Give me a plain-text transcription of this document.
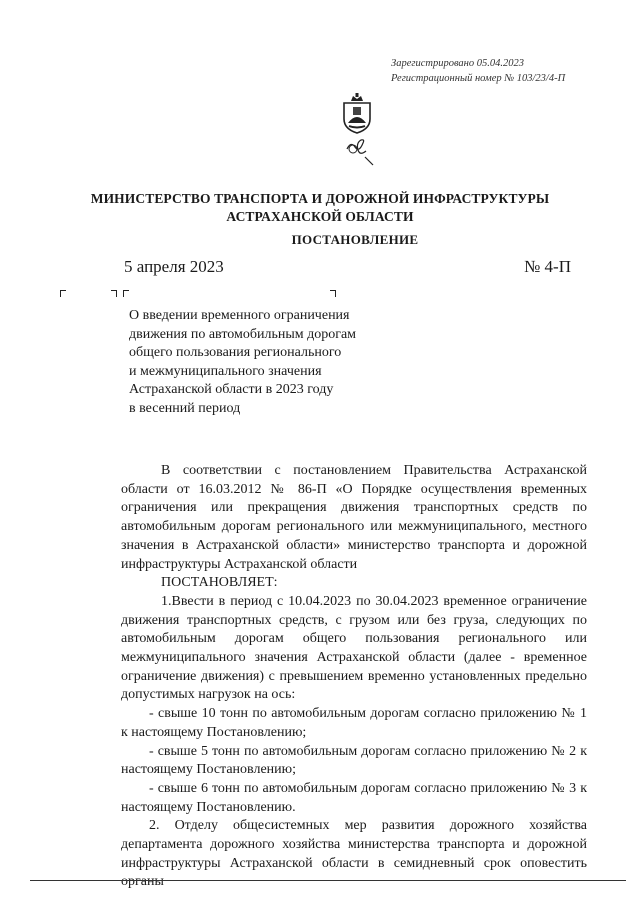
Зарегистрировано 05.04.2023
Регистрационный номер № 103/23/4-П
МИНИСТЕРСТВО ТРАНСПОРТА И ДОРОЖНОЙ ИНФРАСТРУКТУРЫ
АСТРАХАНСКОЙ ОБЛАСТИ
ПОСТАНОВЛЕНИЕ
5 апреля 2023	№ 4-П
О введении временного ограничения
движения по автомобильным дорогам
общего пользования регионального
и межмуниципального значения
Астраханской области в 2023 году
в весенний период

В соответствии с постановлением Правительства Астраханской области от 16.03.2012 № 86-П «О Порядке осуществления временных ограничения или прекращения движения транспортных средств по автомобильным дорогам регионального или межмуниципального, местного значения в Астраханской области» министерство транспорта и дорожной инфраструктуры Астраханской области

ПОСТАНОВЛЯЕТ:

1.Ввести в период с 10.04.2023 по 30.04.2023 временное ограничение движения транспортных средств, с грузом или без груза, следующих по автомобильным дорогам общего пользования регионального или межмуниципального значения Астраханской области (далее - временное ограничение движения) с превышением временно установленных предельно допустимых нагрузок на ось:

- свыше 10 тонн по автомобильным дорогам согласно приложению № 1 к настоящему Постановлению;

- свыше 5 тонн по автомобильным дорогам согласно приложению № 2 к настоящему Постановлению;

- свыше 6 тонн по автомобильным дорогам согласно приложению № 3 к настоящему Постановлению.

2. Отделу общесистемных мер развития дорожного хозяйства департамента дорожного хозяйства министерства транспорта и дорожной инфраструктуры Астраханской области в семидневный срок оповестить органы
